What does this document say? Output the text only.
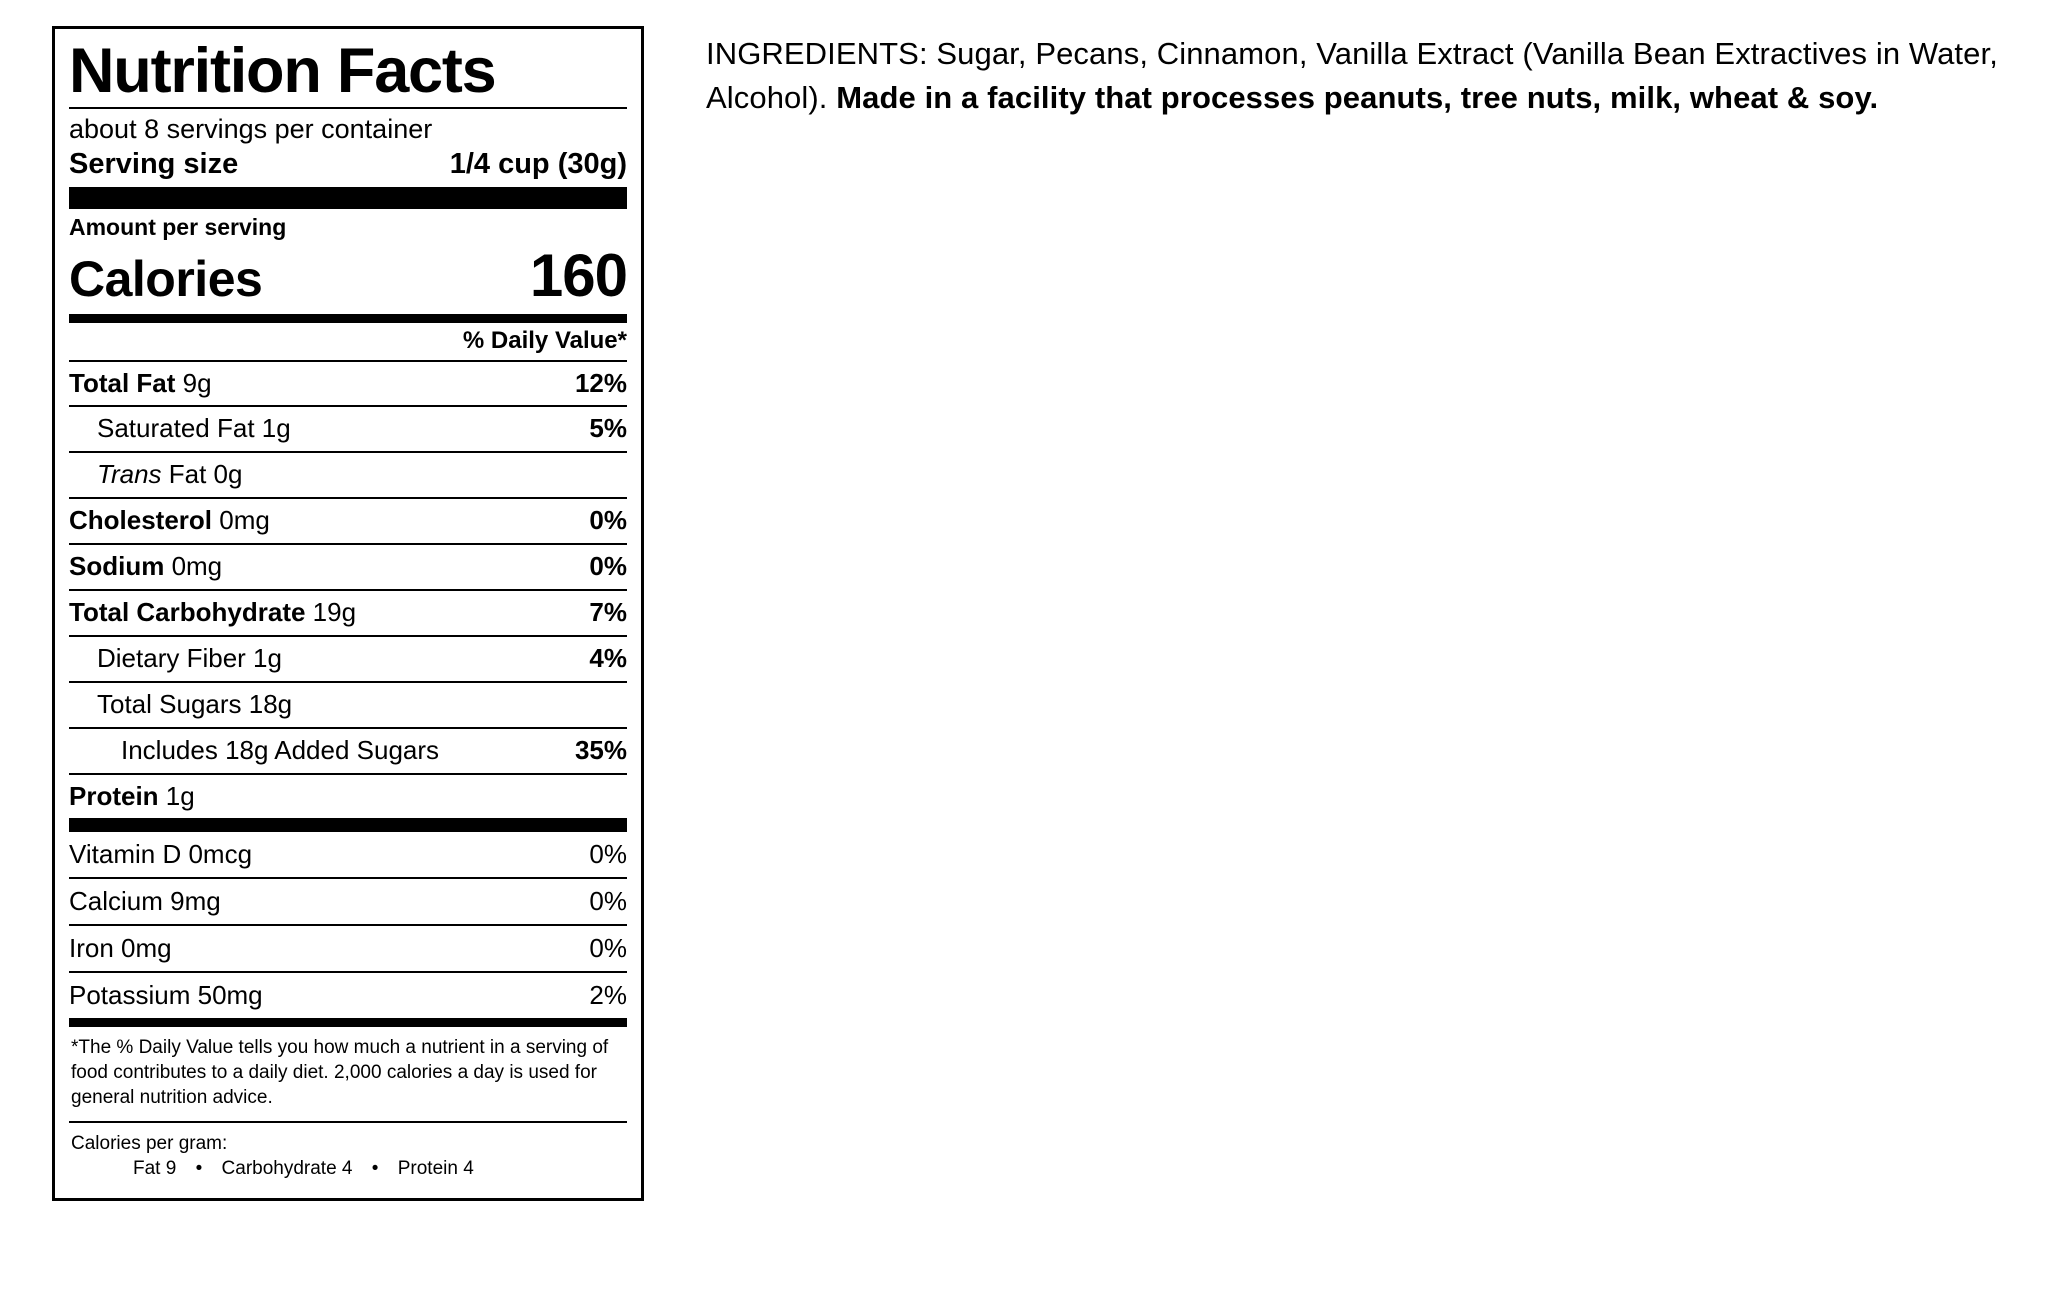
Nutrition Facts
about 8 servings per container
Serving size	1/4 cup (30g)
Amount per serving
Calories	160
% Daily Value*
Total Fat 9g	12%
Saturated Fat 1g	5%
Trans Fat 0g
Cholesterol 0mg	0%
Sodium 0mg	0%
Total Carbohydrate 19g	7%
Dietary Fiber 1g	4%
Total Sugars 18g
Includes 18g Added Sugars	35%
Protein 1g
Vitamin D 0mcg	0%
Calcium 9mg	0%
Iron 0mg	0%
Potassium 50mg	2%
*The % Daily Value tells you how much a nutrient in a serving of food contributes to a daily diet. 2,000 calories a day is used for general nutrition advice.
Calories per gram:
Fat 9 • Carbohydrate 4 • Protein 4
INGREDIENTS: Sugar, Pecans, Cinnamon, Vanilla Extract (Vanilla Bean Extractives in Water, Alcohol). Made in a facility that processes peanuts, tree nuts, milk, wheat & soy.
